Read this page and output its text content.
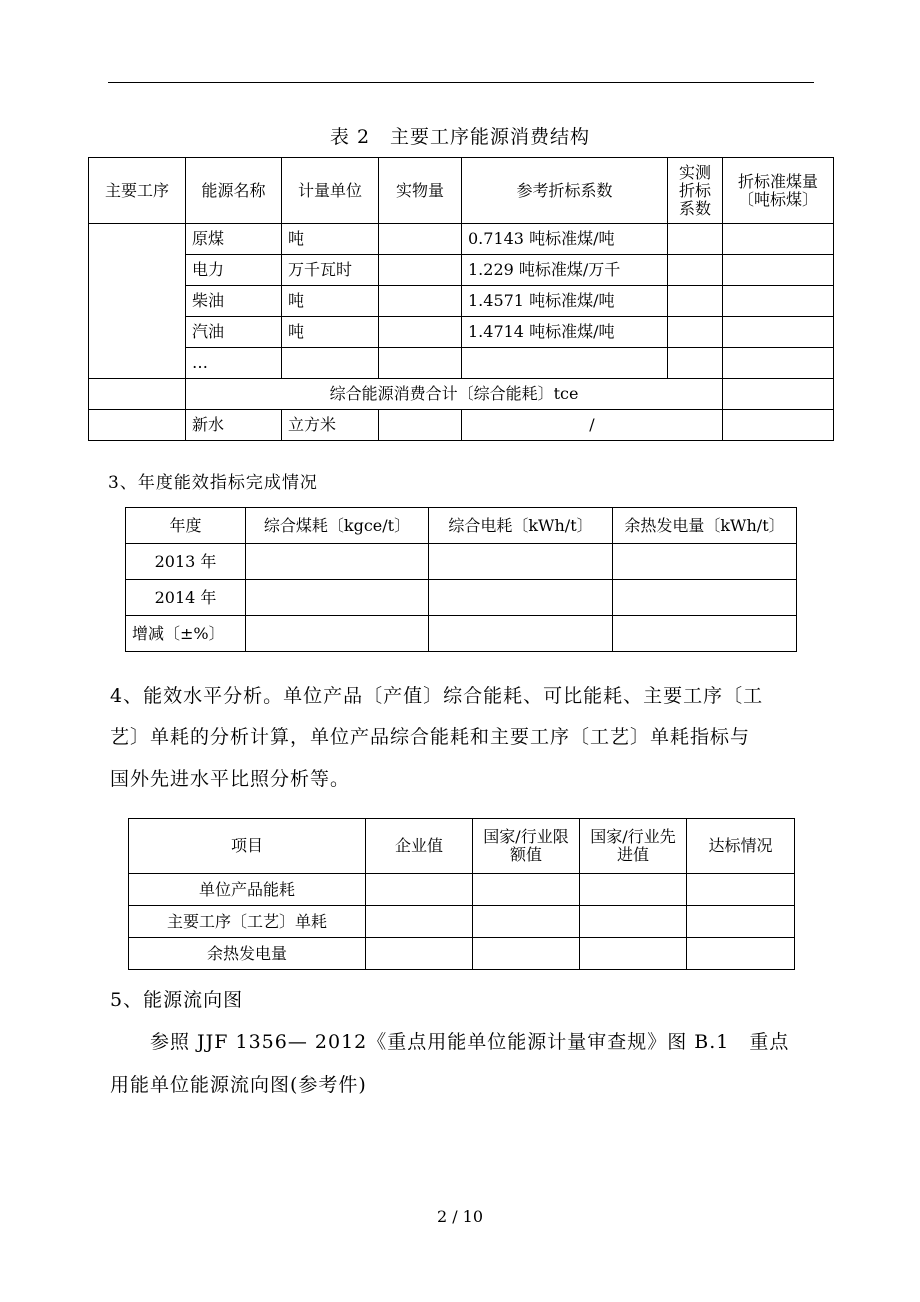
表 2　主要工序能源消费结构
主要工序	能源名称	计量单位	实物量	参考折标系数	实测折标系数	折标准煤量〔吨标煤〕
	原煤	吨		0.7143 吨标准煤/吨		
	电力	万千瓦时		1.229 吨标准煤/万千		
	柴油	吨		1.4571 吨标准煤/吨		
	汽油	吨		1.4714 吨标准煤/吨		
	…					
	综合能源消费合计〔综合能耗〕tce					
	新水	立方米		/		
3、年度能效指标完成情况
年度	综合煤耗〔kgce/t〕	综合电耗〔kWh/t〕	余热发电量〔kWh/t〕
2013 年			
2014 年			
增减〔±%〕			
4、能效水平分析。单位产品〔产值〕综合能耗、可比能耗、主要工序〔工
艺〕单耗的分析计算，单位产品综合能耗和主要工序〔工艺〕单耗指标与
国外先进水平比照分析等。
项目	企业值	国家/行业限额值	国家/行业先进值	达标情况
单位产品能耗				
主要工序〔工艺〕单耗				
余热发电量				
5、能源流向图
参照 JJF 1356— 2012《重点用能单位能源计量审查规》图 B.1　重点
用能单位能源流向图(参考件)
2 / 10
